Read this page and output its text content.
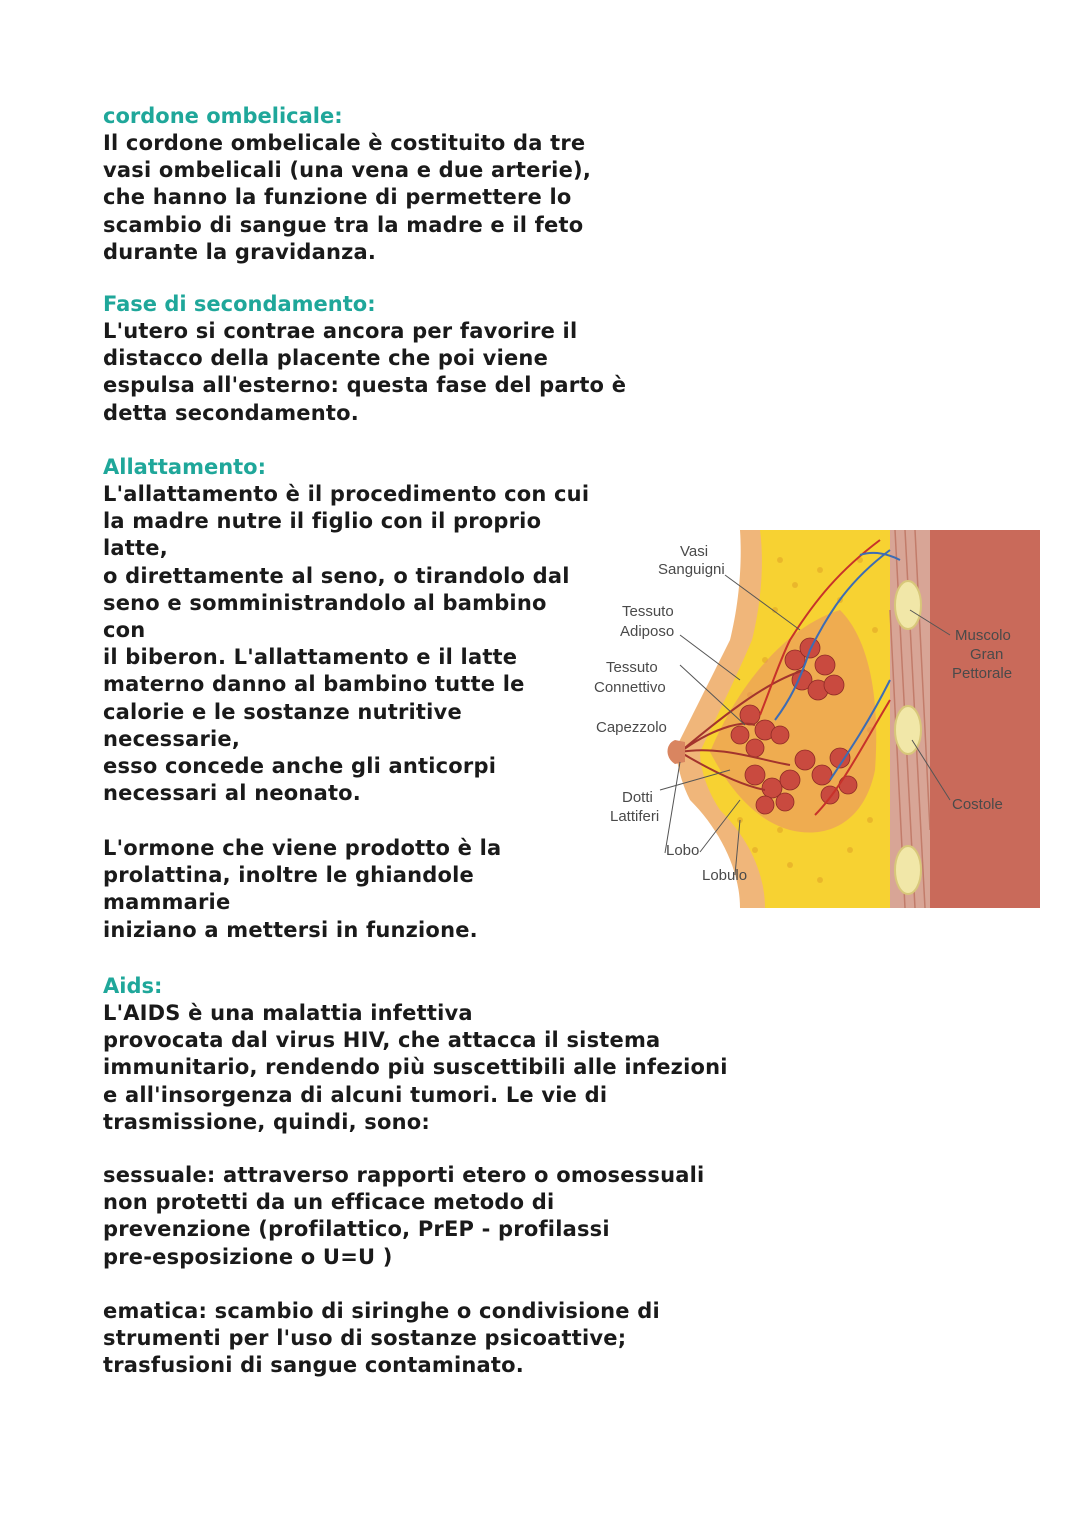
cordone ombelicale:
Il cordone ombelicale è costituito da tre
vasi ombelicali (una vena e due arterie),
che hanno la funzione di permettere lo
scambio di sangue tra la madre e il feto
durante la gravidanza.
Fase di secondamento:
L'utero si contrae ancora per favorire il
distacco della placente che poi viene
espulsa all'esterno: questa fase del parto è
detta secondamento.
Allattamento:
L'allattamento è il procedimento con cui
la madre nutre il figlio con il proprio
latte,
o direttamente al seno, o tirandolo dal
seno e somministrandolo al bambino
con
il biberon. L'allattamento e il latte
materno danno al bambino tutte le
calorie e le sostanze nutritive
necessarie,
esso concede anche gli anticorpi
necessari al neonato.
L'ormone che viene prodotto è la
prolattina, inoltre le ghiandole
mammarie
iniziano a mettersi in funzione.
Aids:
L'AIDS è una malattia infettiva
provocata dal virus HIV, che attacca il sistema
immunitario, rendendo più suscettibili alle infezioni
e all'insorgenza di alcuni tumori. Le vie di
trasmissione, quindi, sono:
sessuale: attraverso rapporti etero o omosessuali
non protetti da un efficace metodo di
prevenzione (profilattico, PrEP - profilassi
pre-esposizione o U=U )
ematica: scambio di siringhe o condivisione di
strumenti per l'uso di sostanze psicoattive;
trasfusioni di sangue contaminato.
Vasi
Sanguigni
Tessuto
Adiposo
Tessuto
Connettivo
Capezzolo
Dotti
Lattiferi
Lobo
Lobulo
Muscolo
Gran
Pettorale
Costole
